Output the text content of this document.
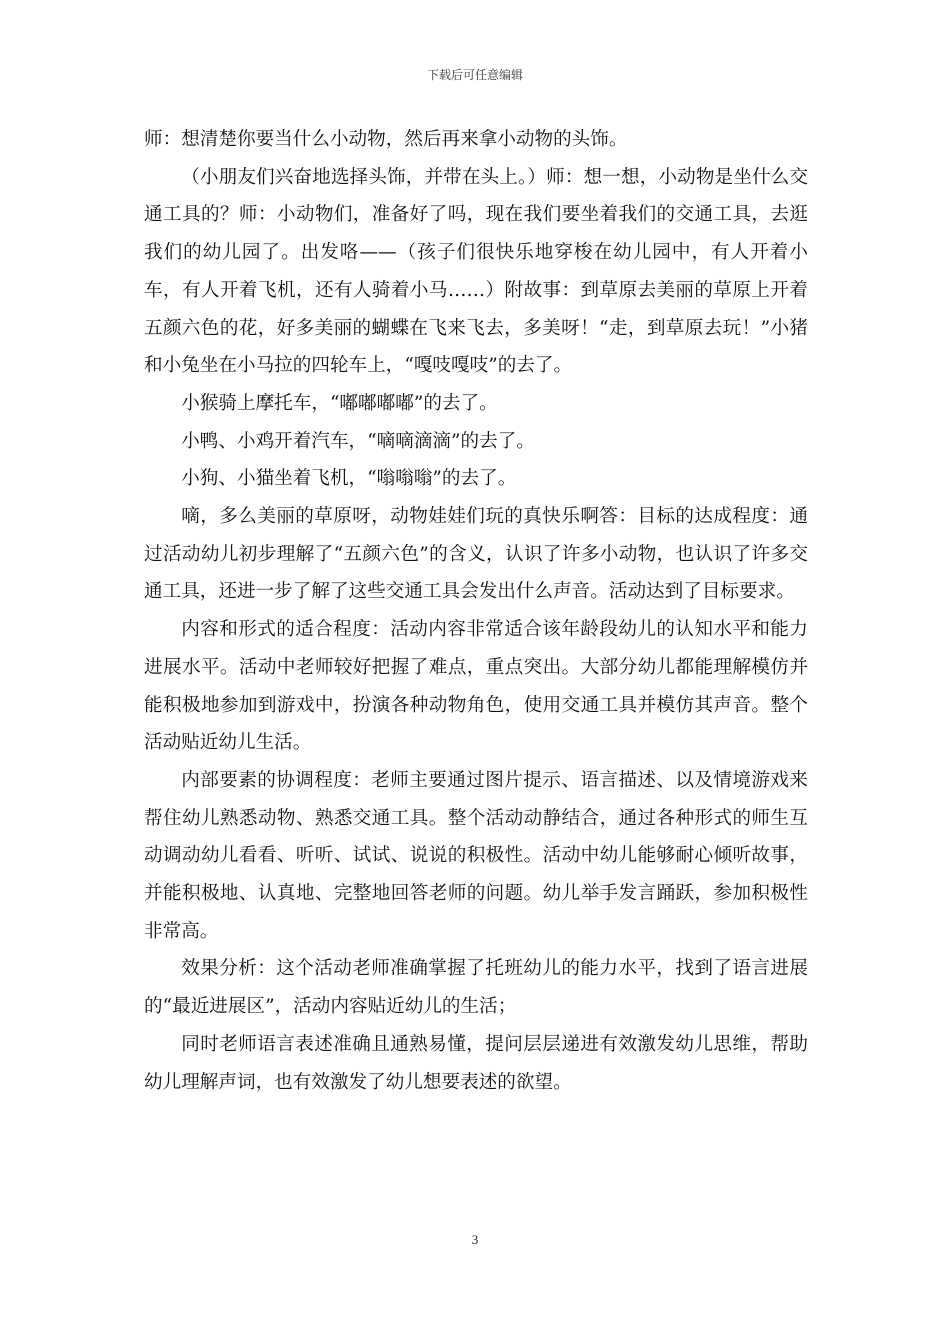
下载后可任意编辑

师：想清楚你要当什么小动物，然后再来拿小动物的头饰。

（小朋友们兴奋地选择头饰，并带在头上。）师：想一想，小动物是坐什么交通工具的？师：小动物们，准备好了吗，现在我们要坐着我们的交通工具，去逛我们的幼儿园了。出发咯——（孩子们很快乐地穿梭在幼儿园中，有人开着小车，有人开着飞机，还有人骑着小马……）附故事：到草原去美丽的草原上开着五颜六色的花，好多美丽的蝴蝶在飞来飞去，多美呀！“走，到草原去玩！”小猪和小兔坐在小马拉的四轮车上，“嘎吱嘎吱”的去了。

小猴骑上摩托车，“嘟嘟嘟嘟”的去了。

小鸭、小鸡开着汽车，“嘀嘀滴滴”的去了。

小狗、小猫坐着飞机，“嗡嗡嗡”的去了。

嘀，多么美丽的草原呀，动物娃娃们玩的真快乐啊答：目标的达成程度：通过活动幼儿初步理解了“五颜六色”的含义，认识了许多小动物，也认识了许多交通工具，还进一步了解了这些交通工具会发出什么声音。活动达到了目标要求。

内容和形式的适合程度：活动内容非常适合该年龄段幼儿的认知水平和能力进展水平。活动中老师较好把握了难点，重点突出。大部分幼儿都能理解模仿并能积极地参加到游戏中，扮演各种动物角色，使用交通工具并模仿其声音。整个活动贴近幼儿生活。

内部要素的协调程度：老师主要通过图片提示、语言描述、以及情境游戏来帮住幼儿熟悉动物、熟悉交通工具。整个活动动静结合，通过各种形式的师生互动调动幼儿看看、听听、试试、说说的积极性。活动中幼儿能够耐心倾听故事，并能积极地、认真地、完整地回答老师的问题。幼儿举手发言踊跃，参加积极性非常高。

效果分析：这个活动老师准确掌握了托班幼儿的能力水平，找到了语言进展的“最近进展区”，活动内容贴近幼儿的生活；

同时老师语言表述准确且通熟易懂，提问层层递进有效激发幼儿思维，帮助幼儿理解声词，也有效激发了幼儿想要表述的欲望。

3
